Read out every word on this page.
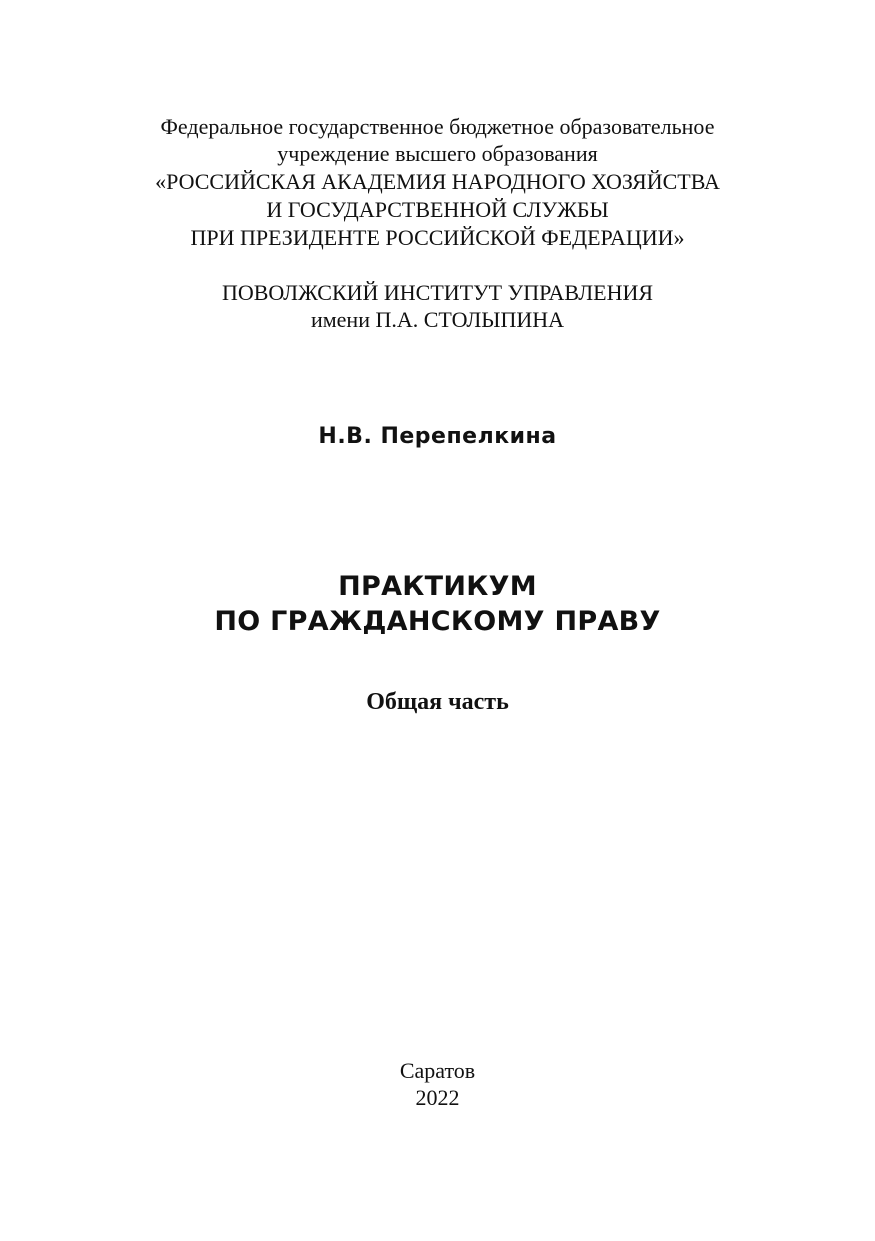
Федеральное государственное бюджетное образовательное
учреждение высшего образования
«РОССИЙСКАЯ АКАДЕМИЯ НАРОДНОГО ХОЗЯЙСТВА
И ГОСУДАРСТВЕННОЙ СЛУЖБЫ
ПРИ ПРЕЗИДЕНТЕ РОССИЙСКОЙ ФЕДЕРАЦИИ»
ПОВОЛЖСКИЙ ИНСТИТУТ УПРАВЛЕНИЯ
имени П.А. СТОЛЫПИНА
Н.В. Перепелкина
ПРАКТИКУМ
ПО ГРАЖДАНСКОМУ ПРАВУ
Общая часть
Саратов
2022
